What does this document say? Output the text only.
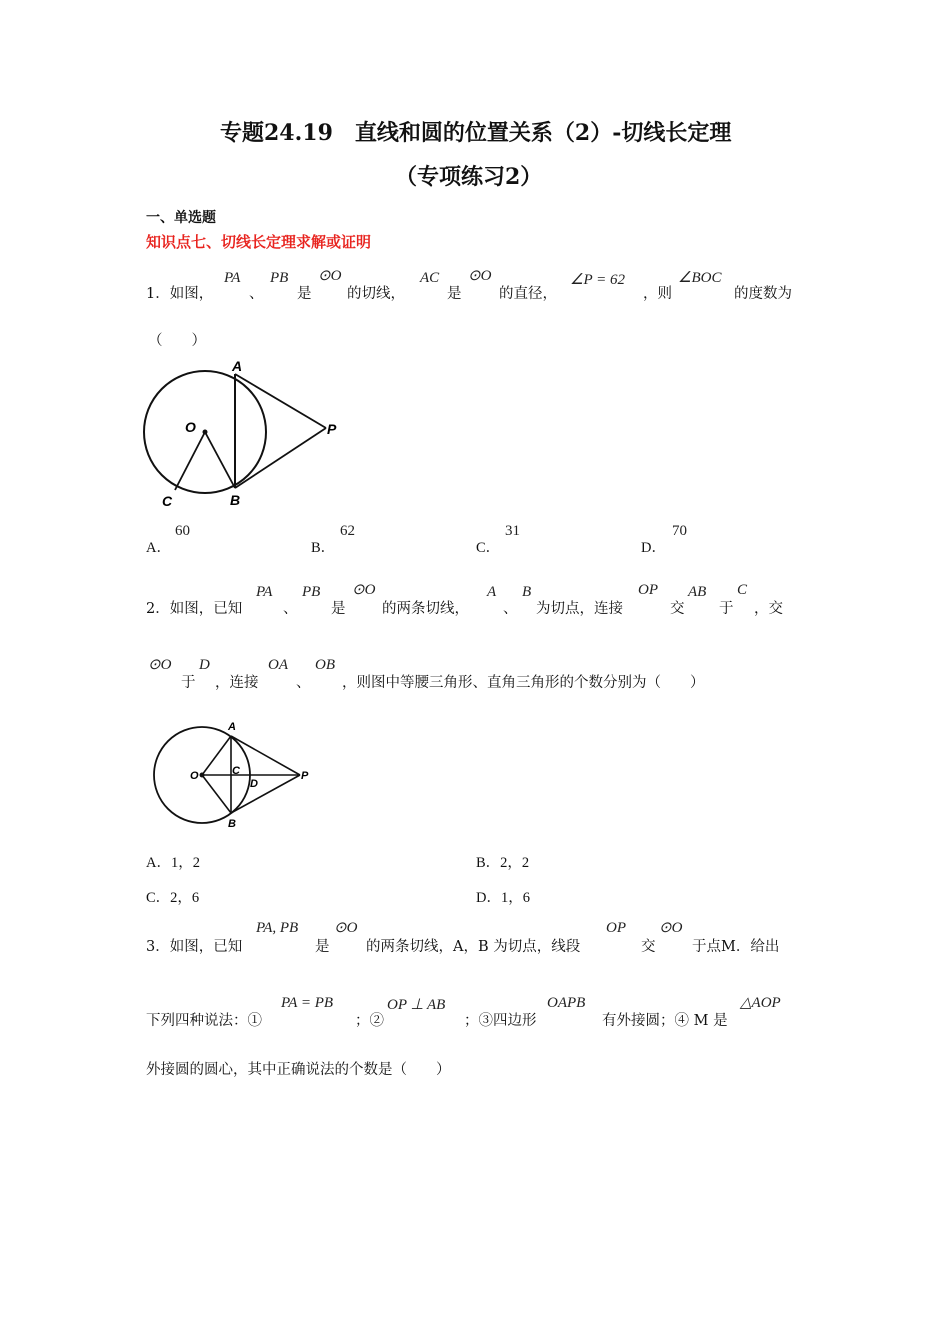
专题24.19　直线和圆的位置关系（2）-切线长定理
（专项练习2）
一、单选题
知识点七、切线长定理求解或证明
1．如图，
PA
、
PB
是
⊙O
的切线，
AC
是
⊙O
的直径，
∠P = 62
，则
∠BOC
的度数为
（　　）
A
B
C
O	P
A．
60
B．
62
C．
31
D．
70
2．如图，已知
PA
、
PB
是
⊙O
的两条切线，
A
、
B
为切点，连接
OP
交
AB
于
C
，交
⊙O
于
D
，连接
OA
、
OB
，则图中等腰三角形、直角三角形的个数分别为（　　）
A
B
C
D
O	P
A．1，2	B．2，2
C．2，6	D．1，6
3．如图，已知
PA, PB
是
⊙O
的两条切线，A，B 为切点，线段
OP
交
⊙O
于点M．给出
下列四种说法：①
PA = PB
；②
OP ⊥ AB
；③四边形
OAPB
有外接圆；④ M 是
△AOP
外接圆的圆心，其中正确说法的个数是（　　）
